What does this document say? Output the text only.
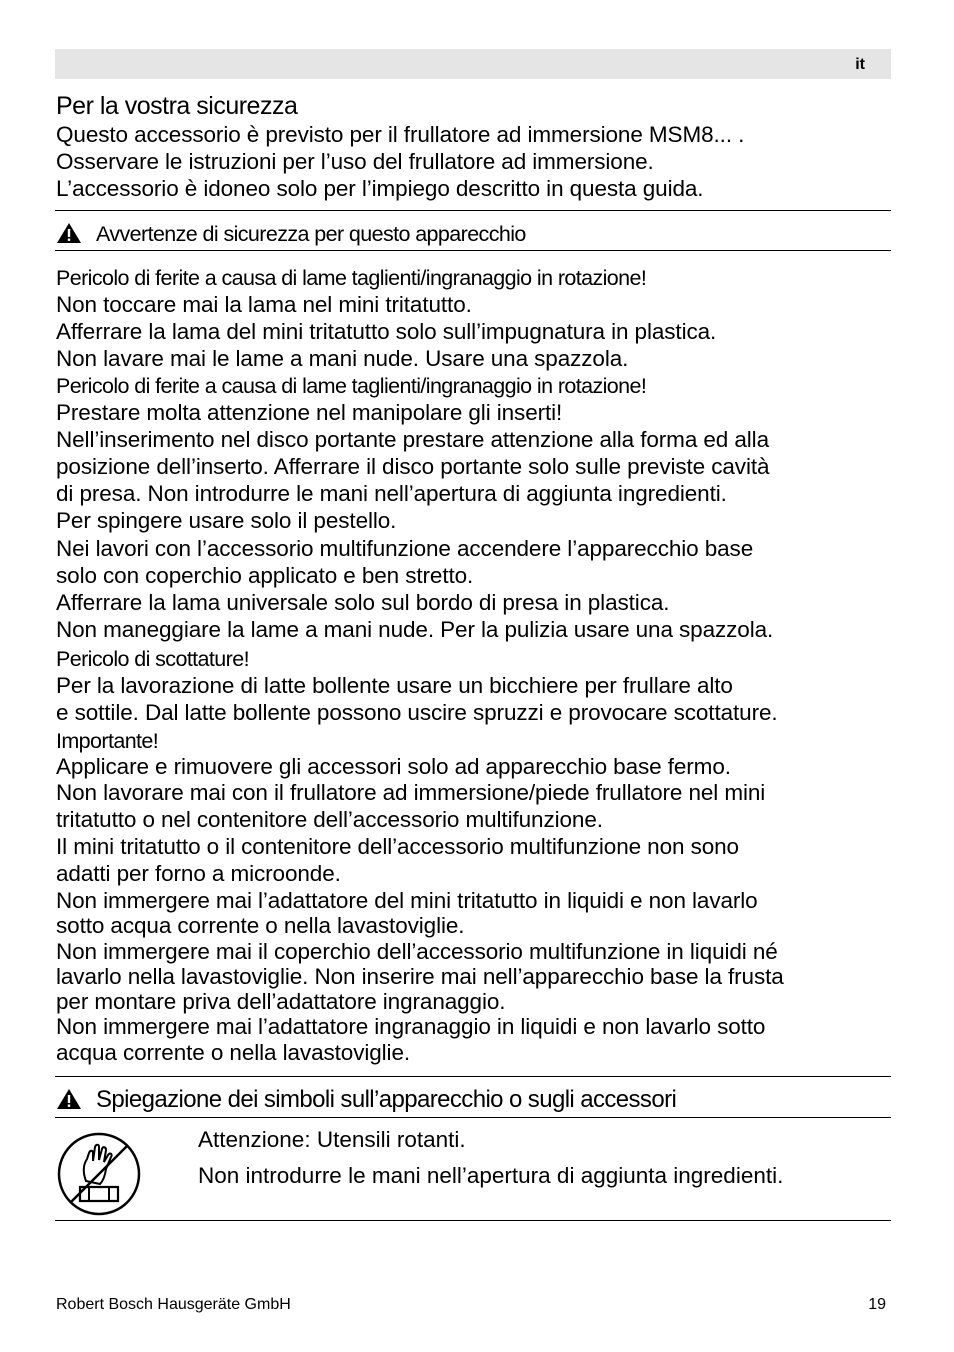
it
Per la vostra sicurezza
Questo accessorio è previsto per il frullatore ad immersione MSM8... .
Osservare le istruzioni per l’uso del frullatore ad immersione.
L’accessorio è idoneo solo per l’impiego descritto in questa guida.
Avvertenze di sicurezza per questo apparecchio
Pericolo di ferite a causa di lame taglienti/ingranaggio in rotazione!
Non toccare mai la lama nel mini tritatutto.
Afferrare la lama del mini tritatutto solo sull’impugnatura in plastica.
Non lavare mai le lame a mani nude. Usare una spazzola.
Pericolo di ferite a causa di lame taglienti/ingranaggio in rotazione!
Prestare molta attenzione nel manipolare gli inserti!
Nell’inserimento nel disco portante prestare attenzione alla forma ed alla
posizione dell’inserto. Afferrare il disco portante solo sulle previste cavità
di presa. Non introdurre le mani nell’apertura di aggiunta ingredienti.
Per spingere usare solo il pestello.
Nei lavori con l’accessorio multifunzione accendere l’apparecchio base
solo con coperchio applicato e ben stretto.
Afferrare la lama universale solo sul bordo di presa in plastica.
Non maneggiare la lame a mani nude. Per la pulizia usare una spazzola.
Pericolo di scottature!
Per la lavorazione di latte bollente usare un bicchiere per frullare alto
e sottile. Dal latte bollente possono uscire spruzzi e provocare scottature.
Importante!
Applicare e rimuovere gli accessori solo ad apparecchio base fermo.
Non lavorare mai con il frullatore ad immersione/piede frullatore nel mini
tritatutto o nel contenitore dell’accessorio multifunzione.
Il mini tritatutto o il contenitore dell’accessorio multifunzione non sono
adatti per forno a microonde.
Non immergere mai l’adattatore del mini tritatutto in liquidi e non lavarlo
sotto acqua corrente o nella lavastoviglie.
Non immergere mai il coperchio dell’accessorio multifunzione in liquidi né
lavarlo nella lavastoviglie. Non inserire mai nell’apparecchio base la frusta
per montare priva dell’adattatore ingranaggio.
Non immergere mai l’adattatore ingranaggio in liquidi e non lavarlo sotto
acqua corrente o nella lavastoviglie.
Spiegazione dei simboli sull’apparecchio o sugli accessori
Attenzione: Utensili rotanti.
Non introdurre le mani nell’apertura di aggiunta ingredienti.
Robert Bosch Hausgeräte GmbH	19
